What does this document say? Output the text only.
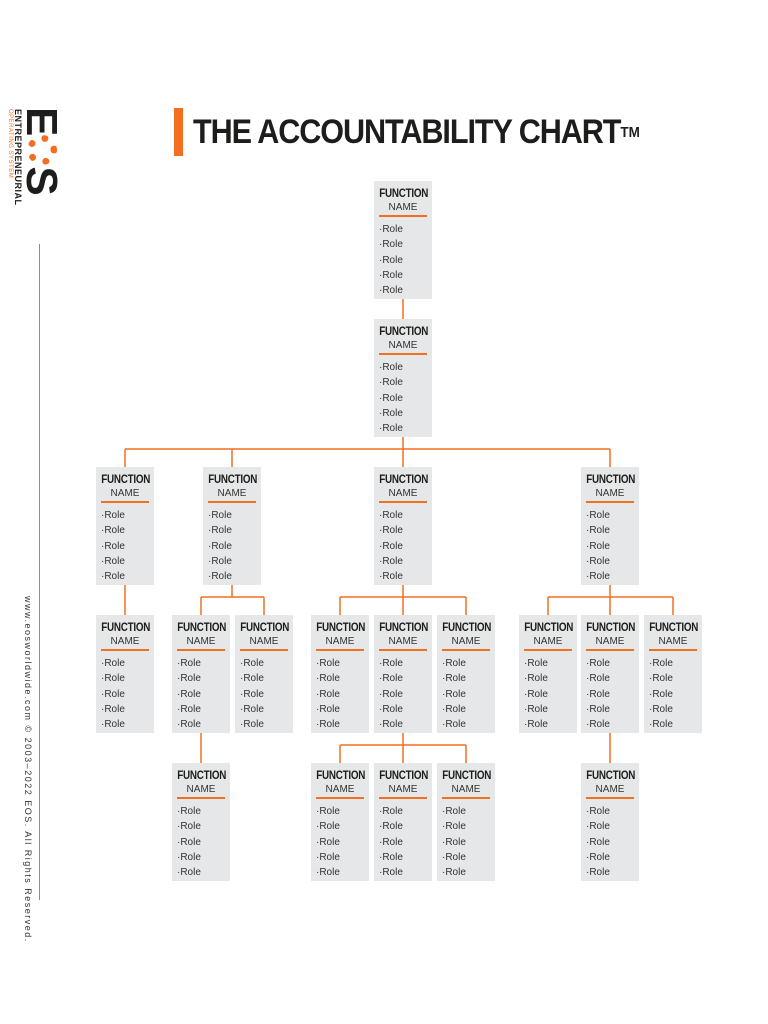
THE ACCOUNTABILITY CHART™
ES
ENTREPRENEURIAL
OPERATING SYSTEM
www.eosworldwide.com © 2003–2022 EOS. All Rights Reserved.
FUNCTION
NAME
·Role
·Role
·Role
·Role
·Role
FUNCTION
NAME
·Role
·Role
·Role
·Role
·Role
FUNCTION
NAME
·Role
·Role
·Role
·Role
·Role
FUNCTION
NAME
·Role
·Role
·Role
·Role
·Role
FUNCTION
NAME
·Role
·Role
·Role
·Role
·Role
FUNCTION
NAME
·Role
·Role
·Role
·Role
·Role
FUNCTION
NAME
·Role
·Role
·Role
·Role
·Role
FUNCTION
NAME
·Role
·Role
·Role
·Role
·Role
FUNCTION
NAME
·Role
·Role
·Role
·Role
·Role
FUNCTION
NAME
·Role
·Role
·Role
·Role
·Role
FUNCTION
NAME
·Role
·Role
·Role
·Role
·Role
FUNCTION
NAME
·Role
·Role
·Role
·Role
·Role
FUNCTION
NAME
·Role
·Role
·Role
·Role
·Role
FUNCTION
NAME
·Role
·Role
·Role
·Role
·Role
FUNCTION
NAME
·Role
·Role
·Role
·Role
·Role
FUNCTION
NAME
·Role
·Role
·Role
·Role
·Role
FUNCTION
NAME
·Role
·Role
·Role
·Role
·Role
FUNCTION
NAME
·Role
·Role
·Role
·Role
·Role
FUNCTION
NAME
·Role
·Role
·Role
·Role
·Role
FUNCTION
NAME
·Role
·Role
·Role
·Role
·Role
